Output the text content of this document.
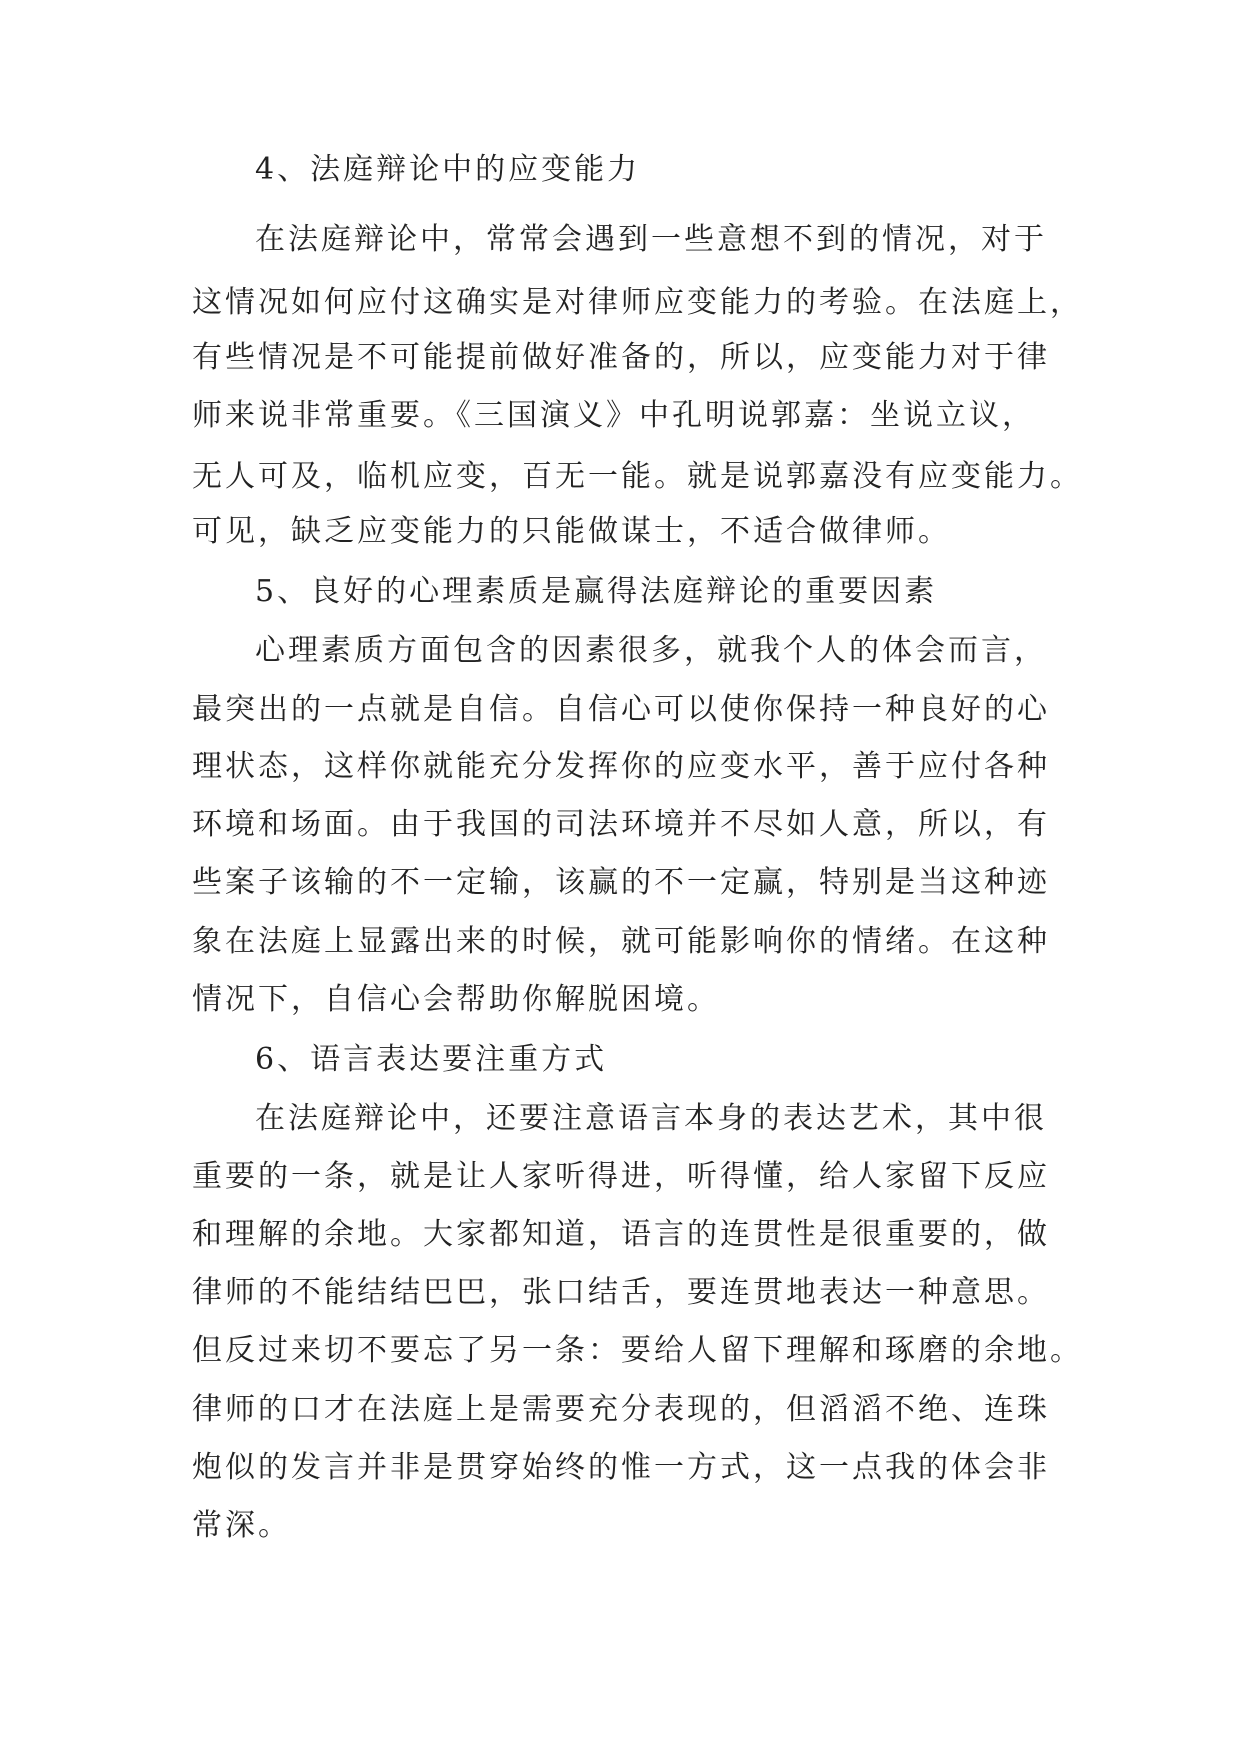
4、法庭辩论中的应变能力
在法庭辩论中，常常会遇到一些意想不到的情况，对于
这情况如何应付这确实是对律师应变能力的考验。在法庭上，
有些情况是不可能提前做好准备的，所以，应变能力对于律
师来说非常重要。《三国演义》中孔明说郭嘉：坐说立议，
无人可及，临机应变，百无一能。就是说郭嘉没有应变能力。
可见，缺乏应变能力的只能做谋士，不适合做律师。
5、良好的心理素质是赢得法庭辩论的重要因素
心理素质方面包含的因素很多，就我个人的体会而言，
最突出的一点就是自信。自信心可以使你保持一种良好的心
理状态，这样你就能充分发挥你的应变水平，善于应付各种
环境和场面。由于我国的司法环境并不尽如人意，所以，有
些案子该输的不一定输，该赢的不一定赢，特别是当这种迹
象在法庭上显露出来的时候，就可能影响你的情绪。在这种
情况下，自信心会帮助你解脱困境。
6、语言表达要注重方式
在法庭辩论中，还要注意语言本身的表达艺术，其中很
重要的一条，就是让人家听得进，听得懂，给人家留下反应
和理解的余地。大家都知道，语言的连贯性是很重要的，做
律师的不能结结巴巴，张口结舌，要连贯地表达一种意思。
但反过来切不要忘了另一条：要给人留下理解和琢磨的余地。
律师的口才在法庭上是需要充分表现的，但滔滔不绝、连珠
炮似的发言并非是贯穿始终的惟一方式，这一点我的体会非
常深。
